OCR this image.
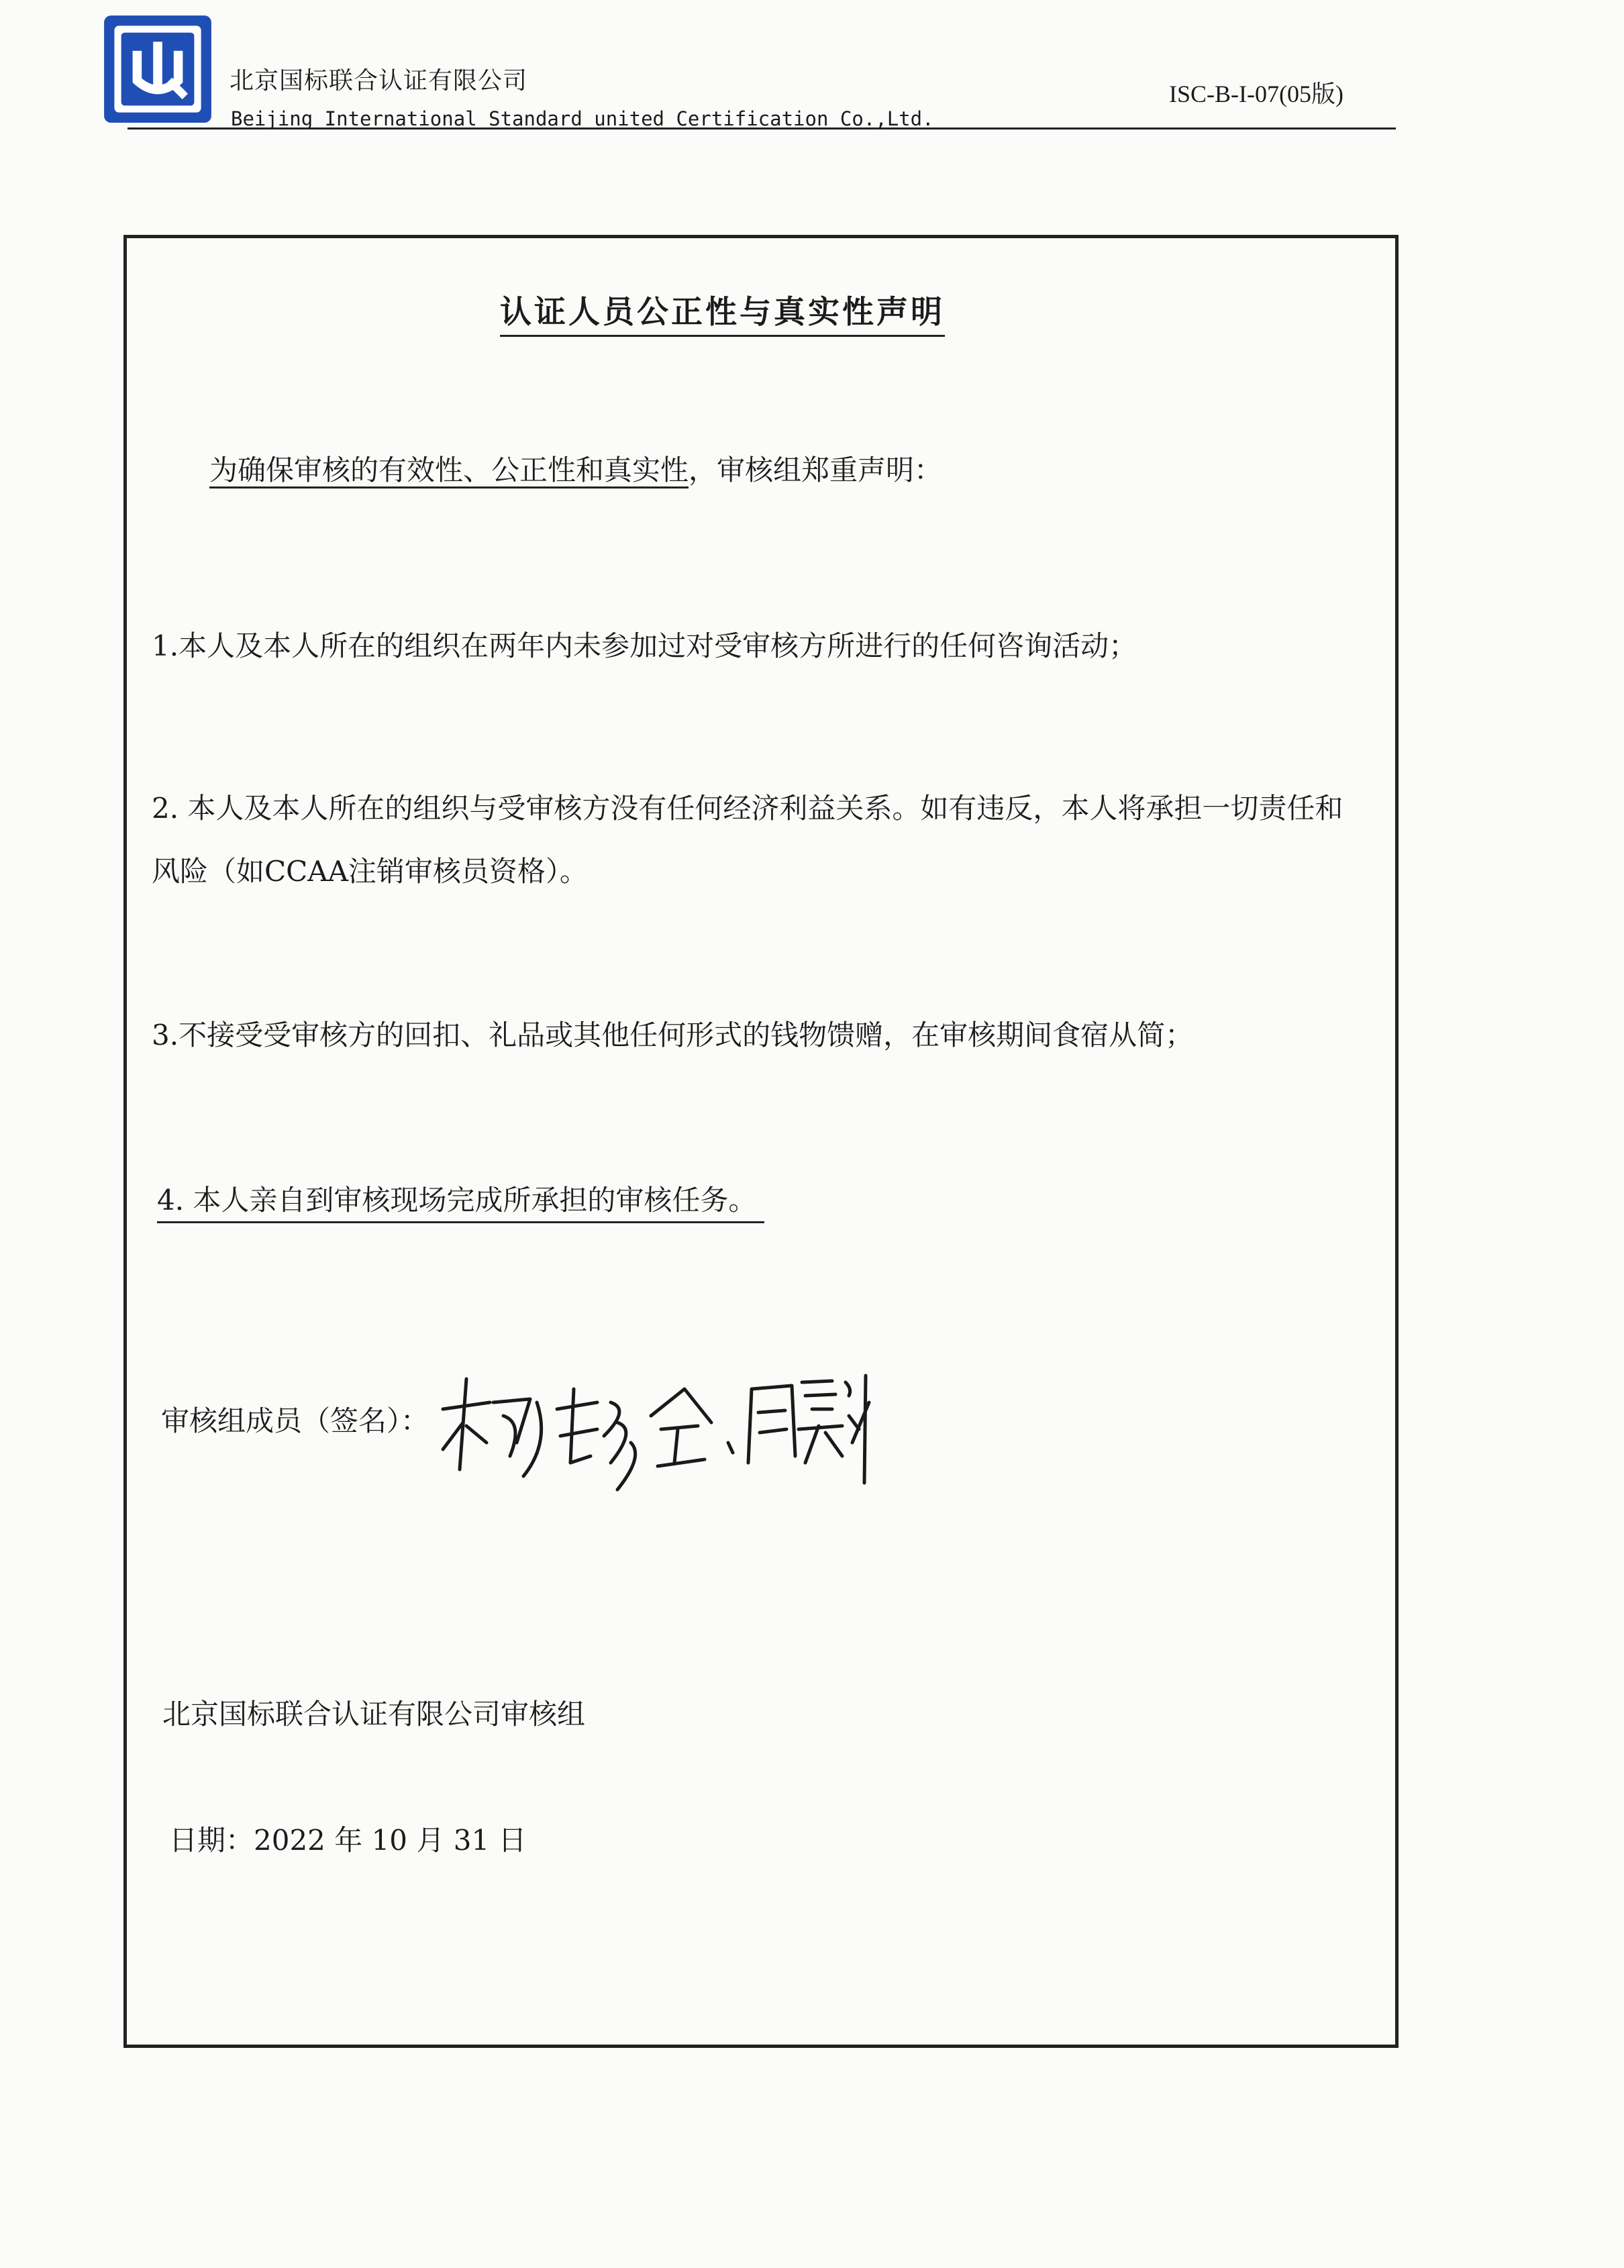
北京国标联合认证有限公司
Beijing International Standard united Certification Co.,Ltd.
ISC-B-I-07(05版)
认证人员公正性与真实性声明
为确保审核的有效性、公正性和真实性，审核组郑重声明：
1.本人及本人所在的组织在两年内未参加过对受审核方所进行的任何咨询活动；
2. 本人及本人所在的组织与受审核方没有任何经济利益关系。如有违反，本人将承担一切责任和
风险（如CCAA注销审核员资格）。
3.不接受受审核方的回扣、礼品或其他任何形式的钱物馈赠，在审核期间食宿从简；
4. 本人亲自到审核现场完成所承担的审核任务。
审核组成员（签名）：
北京国标联合认证有限公司审核组
日期：2022 年 10 月 31 日
